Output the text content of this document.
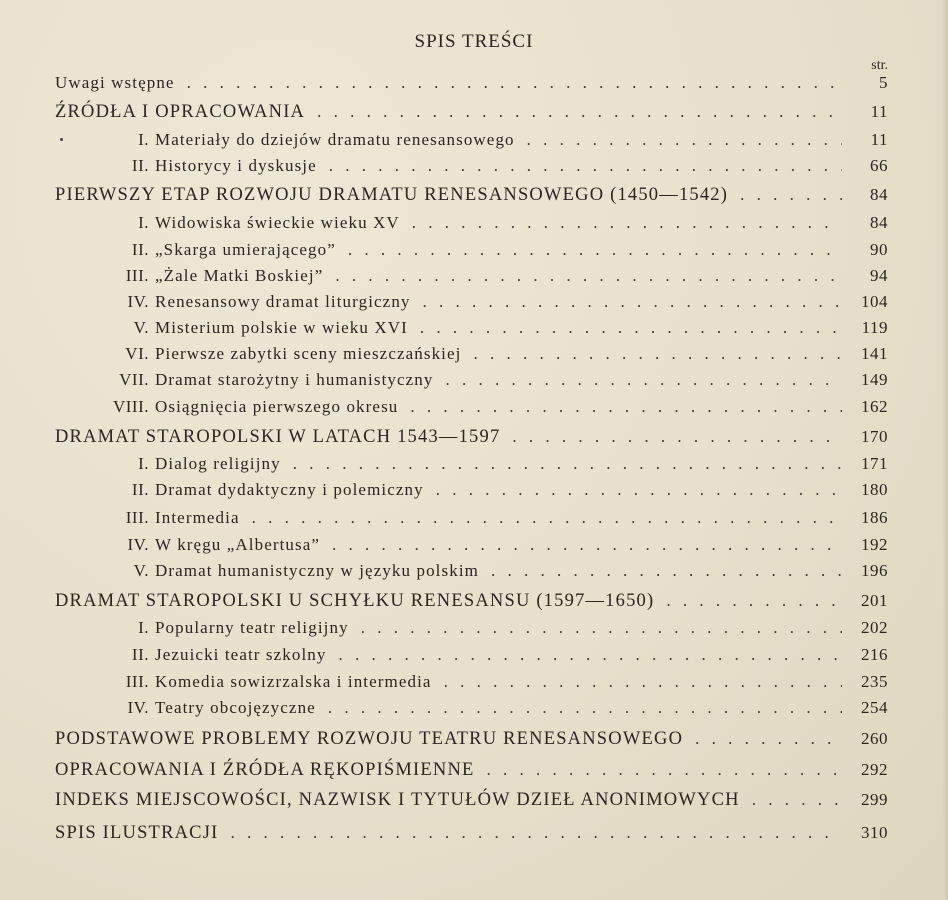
SPIS TREŚCI
str.
Uwagi wstępne . . .	5
ŹRÓDŁA I OPRACOWANIA . . .	11
I. Materiały do dziejów dramatu renesansowego . . .	11
II. Historycy i dyskusje . . .	66
PIERWSZY ETAP ROZWOJU DRAMATU RENESANSOWEGO (1450—1542) . . .	84
I. Widowiska świeckie wieku XV . . .	84
II. „Skarga umierającego” . . .	90
III. „Żale Matki Boskiej” . . .	94
IV. Renesansowy dramat liturgiczny . . .	104
V. Misterium polskie w wieku XVI . . .	119
VI. Pierwsze zabytki sceny mieszczańskiej . . .	141
VII. Dramat starożytny i humanistyczny . . .	149
VIII. Osiągnięcia pierwszego okresu . . .	162
DRAMAT STAROPOLSKI W LATACH 1543—1597 . . .	170
I. Dialog religijny . . .	171
II. Dramat dydaktyczny i polemiczny . . .	180
III. Intermedia . . .	186
IV. W kręgu „Albertusa” . . .	192
V. Dramat humanistyczny w języku polskim . . .	196
DRAMAT STAROPOLSKI U SCHYŁKU RENESANSU (1597—1650) . . .	201
I. Popularny teatr religijny . . .	202
II. Jezuicki teatr szkolny . . .	216
III. Komedia sowizrzalska i intermedia . . .	235
IV. Teatry obcojęzyczne . . .	254
PODSTAWOWE PROBLEMY ROZWOJU TEATRU RENESANSOWEGO . . .	260
OPRACOWANIA I ŹRÓDŁA RĘKOPIŚMIENNE . . .	292
INDEKS MIEJSCOWOŚCI, NAZWISK I TYTUŁÓW DZIEŁ ANONIMOWYCH . . .	299
SPIS ILUSTRACJI . . .	310
